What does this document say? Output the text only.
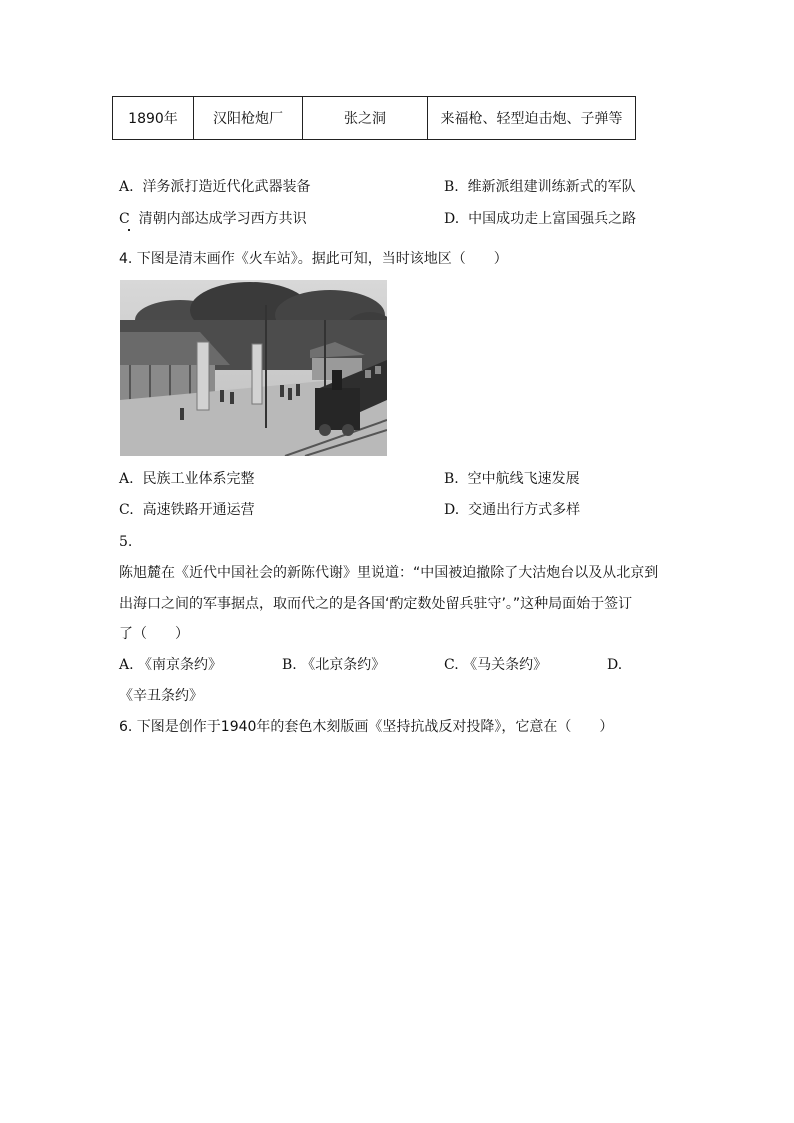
1890年	汉阳枪炮厂	张之洞	来福枪、轻型迫击炮、子弹等
A. 洋务派打造近代化武器装备	B. 维新派组建训练新式的军队
C 清朝内部达成学习西方共识	D. 中国成功走上富国强兵之路
4. 下图是清末画作《火车站》。据此可知，当时该地区（　　）
A. 民族工业体系完整	B. 空中航线飞速发展
C. 高速铁路开通运营	D. 交通出行方式多样
5.
陈旭麓在《近代中国社会的新陈代谢》里说道：“中国被迫撤除了大沽炮台以及从北京到
出海口之间的军事据点，取而代之的是各国‘酌定数处留兵驻守’。”这种局面始于签订
了（　　）
A. 《南京条约》	B. 《北京条约》	C. 《马关条约》	D.
《辛丑条约》
6. 下图是创作于1940年的套色木刻版画《坚持抗战反对投降》，它意在（　　）
